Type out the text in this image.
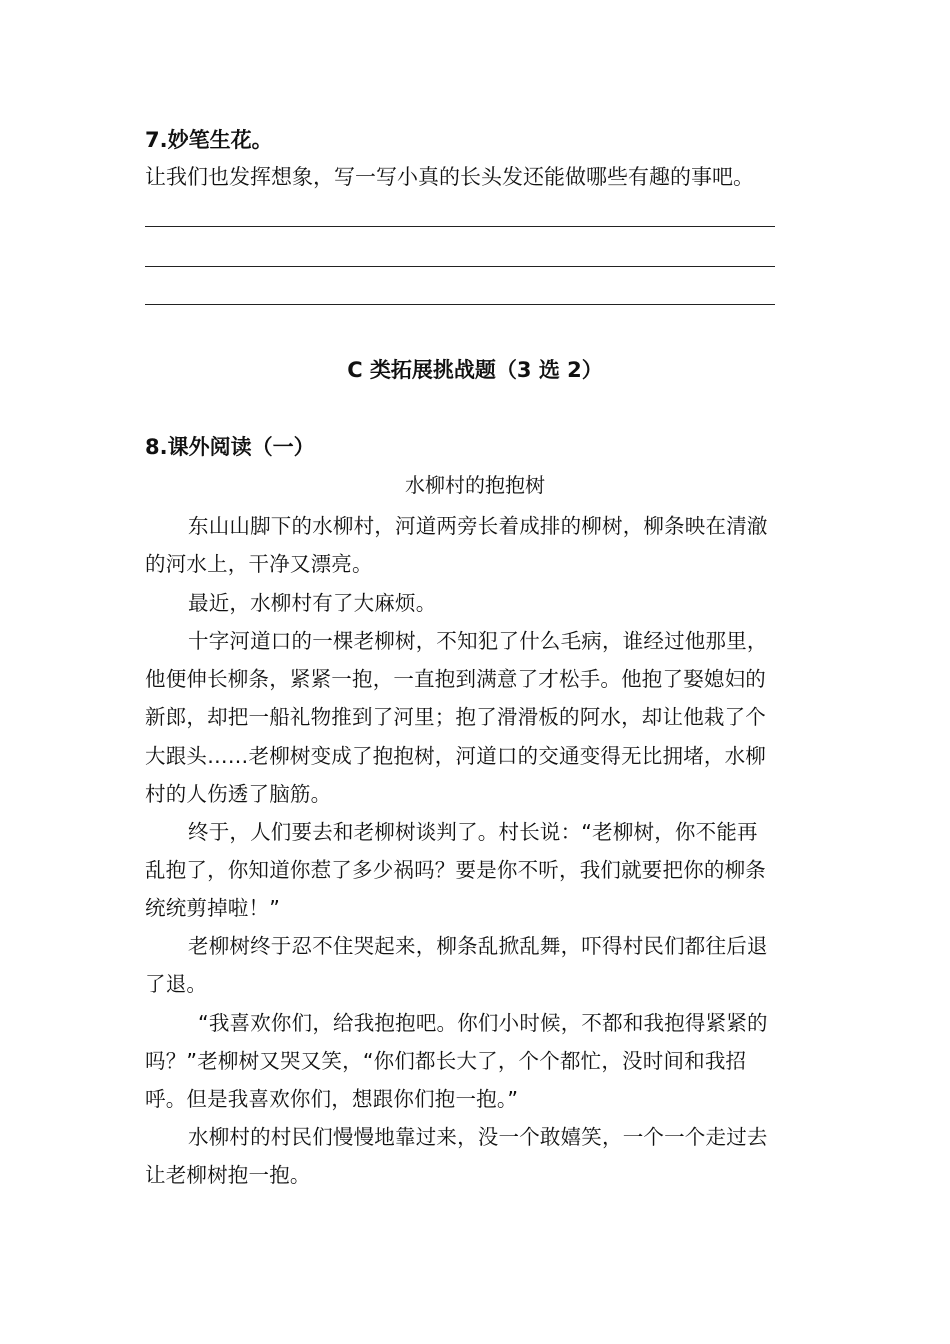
7.妙笔生花。
让我们也发挥想象，写一写小真的长头发还能做哪些有趣的事吧。
C 类拓展挑战题（3 选 2）
8.课外阅读（一）
水柳村的抱抱树
东山山脚下的水柳村，河道两旁长着成排的柳树，柳条映在清澈
的河水上，干净又漂亮。
最近，水柳村有了大麻烦。
十字河道口的一棵老柳树，不知犯了什么毛病，谁经过他那里，
他便伸长柳条，紧紧一抱，一直抱到满意了才松手。他抱了娶媳妇的
新郎，却把一船礼物推到了河里；抱了滑滑板的阿水，却让他栽了个
大跟头……老柳树变成了抱抱树，河道口的交通变得无比拥堵，水柳
村的人伤透了脑筋。
终于，人们要去和老柳树谈判了。村长说：“老柳树，你不能再
乱抱了，你知道你惹了多少祸吗？要是你不听，我们就要把你的柳条
统统剪掉啦！”
老柳树终于忍不住哭起来，柳条乱掀乱舞，吓得村民们都往后退
了退。
“我喜欢你们，给我抱抱吧。你们小时候，不都和我抱得紧紧的
吗？”老柳树又哭又笑，“你们都长大了，个个都忙，没时间和我招
呼。但是我喜欢你们，想跟你们抱一抱。”
水柳村的村民们慢慢地靠过来，没一个敢嬉笑，一个一个走过去
让老柳树抱一抱。
